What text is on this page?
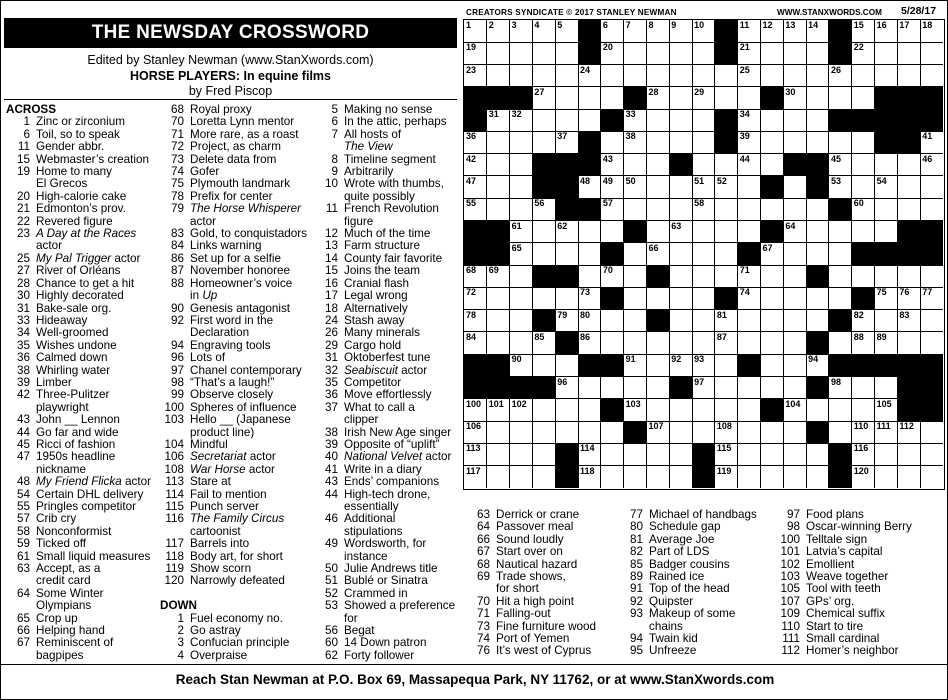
THE NEWSDAY CROSSWORD
Edited by Stanley Newman (www.StanXwords.com)
HORSE PLAYERS: In equine films
by Fred Piscop
CREATORS SYNDICATE © 2017 STANLEY NEWMAN	WWW.STANXWORDS.COM 5/28/17
ACROSS
1 Zinc or zirconium
6 Toil, so to speak
11 Gender abbr.
15 Webmaster’s creation
19 Home to many
El Grecos
20 High-calorie cake
21 Edmonton’s prov.
22 Revered figure
23 A Day at the Races
actor
25 My Pal Trigger actor
27 River of Orléans
28 Chance to get a hit
30 Highly decorated
31 Bake-sale org.
33 Hideaway
34 Well-groomed
35 Wishes undone
36 Calmed down
38 Whirling water
39 Limber
42 Three-Pulitzer
playwright
43 John __ Lennon
44 Go far and wide
45 Ricci of fashion
47 1950s headline
nickname
48 My Friend Flicka actor
54 Certain DHL delivery
55 Pringles competitor
57 Crib cry
58 Nonconformist
59 Ticked off
61 Small liquid measures
63 Accept, as a
credit card
64 Some Winter
Olympians
65 Crop up
66 Helping hand
67 Reminiscent of
bagpipes
68 Royal proxy
70 Loretta Lynn mentor
71 More rare, as a roast
72 Project, as charm
73 Delete data from
74 Gofer
75 Plymouth landmark
78 Prefix for center
79 The Horse Whisperer
actor
83 Gold, to conquistadors
84 Links warning
86 Set up for a selfie
87 November honoree
88 Homeowner’s voice
in Up
90 Genesis antagonist
92 First word in the
Declaration
94 Engraving tools
96 Lots of
97 Chanel contemporary
98 “That’s a laugh!”
99 Observe closely
100 Spheres of influence
103 Hello __ (Japanese
product line)
104 Mindful
106 Secretariat actor
108 War Horse actor
113 Stare at
114 Fail to mention
115 Punch server
116 The Family Circus
cartoonist
117 Barrels into
118 Body art, for short
119 Show scorn
120 Narrowly defeated
DOWN
1 Fuel economy no.
2 Go astray
3 Confucian principle
4 Overpraise
5 Making no sense
6 In the attic, perhaps
7 All hosts of
The View
8 Timeline segment
9 Arbitrarily
10 Wrote with thumbs,
quite possibly
11 French Revolution
figure
12 Much of the time
13 Farm structure
14 County fair favorite
15 Joins the team
16 Cranial flash
17 Legal wrong
18 Alternatively
24 Stash away
26 Many minerals
29 Cargo hold
31 Oktoberfest tune
32 Seabiscuit actor
35 Competitor
36 Move effortlessly
37 What to call a
clipper
38 Irish New Age singer
39 Opposite of “uplift”
40 National Velvet actor
41 Write in a diary
43 Ends’ companions
44 High-tech drone,
essentially
46 Additional
stipulations
49 Wordsworth, for
instance
50 Julie Andrews title
51 Bublé or Sinatra
52 Crammed in
53 Showed a preference
for
56 Begat
60 14 Down patron
62 Forty follower
63 Derrick or crane
64 Passover meal
66 Sound loudly
67 Start over on
68 Nautical hazard
69 Trade shows,
for short
70 Hit a high point
71 Falling-out
73 Fine furniture wood
74 Port of Yemen
76 It’s west of Cyprus
77 Michael of handbags
80 Schedule gap
81 Average Joe
82 Part of LDS
85 Badger cousins
89 Rained ice
91 Top of the head
92 Quipster
93 Makeup of some
chains
94 Twain kid
95 Unfreeze
97 Food plans
98 Oscar-winning Berry
100 Telltale sign
101 Latvia’s capital
102 Emollient
103 Weave together
105 Tool with teeth
107 GPs’ org.
109 Chemical suffix
110 Start to tire
111 Small cardinal
112 Homer’s neighbor
1 2 3 4 5	6 7 8 9 10	11 12 13 14	15 16 17 18
19	20	21	22
23	24	25	26
27	28	29	30
31 32	33	34
36	37	38	39	41
42	43	44	45	46
47	48 49 50	51 52	53	54
55	56	57	58	60
61	62	63	64
65	66	67
68 69	70	71
72	73	74	75 76 77
78	79 80	81	82	83
84	85	86	87	88 89
90	91	92 93	94
96	97	98
100 101 102	103	104	105
106	107	108	110 111 112
113	114	115	116
117	118	119	120
Reach Stan Newman at P.O. Box 69, Massapequa Park, NY 11762, or at www.StanXwords.com
